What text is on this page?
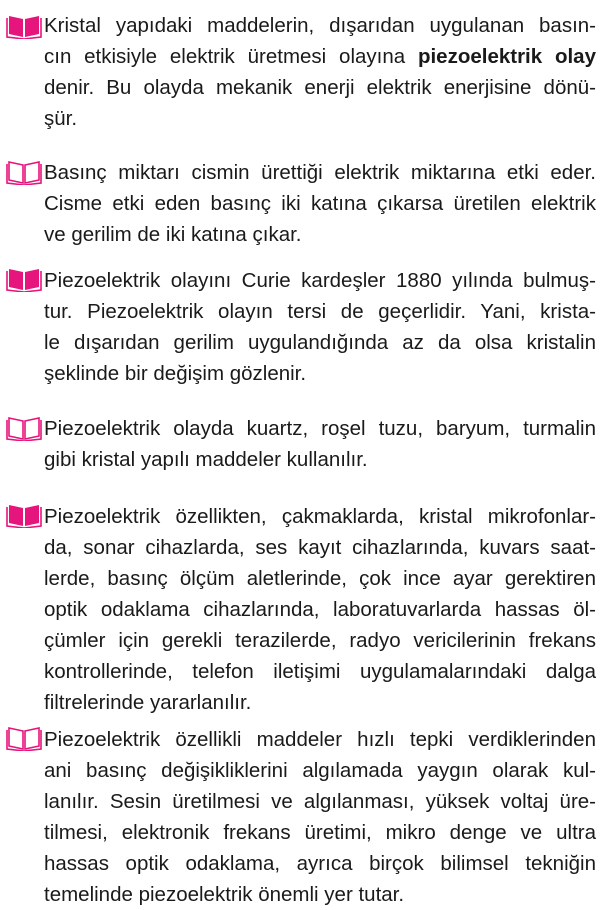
Kristal yapıdaki maddelerin, dışarıdan uygulanan basın-
cın etkisiyle elektrik üretmesi olayına piezoelektrik olay
denir. Bu olayda mekanik enerji elektrik enerjisine dönü-
şür.
Basınç miktarı cismin ürettiği elektrik miktarına etki eder.
Cisme etki eden basınç iki katına çıkarsa üretilen elektrik
ve gerilim de iki katına çıkar.
Piezoelektrik olayını Curie kardeşler 1880 yılında bulmuş-
tur. Piezoelektrik olayın tersi de geçerlidir. Yani, krista-
le dışarıdan gerilim uygulandığında az da olsa kristalin
şeklinde bir değişim gözlenir.
Piezoelektrik olayda kuartz, roşel tuzu, baryum, turmalin
gibi kristal yapılı maddeler kullanılır.
Piezoelektrik özellikten, çakmaklarda, kristal mikrofonlar-
da, sonar cihazlarda, ses kayıt cihazlarında, kuvars saat-
lerde, basınç ölçüm aletlerinde, çok ince ayar gerektiren
optik odaklama cihazlarında, laboratuvarlarda hassas öl-
çümler için gerekli terazilerde, radyo vericilerinin frekans
kontrollerinde, telefon iletişimi uygulamalarındaki dalga
filtrelerinde yararlanılır.
Piezoelektrik özellikli maddeler hızlı tepki verdiklerinden
ani basınç değişikliklerini algılamada yaygın olarak kul-
lanılır. Sesin üretilmesi ve algılanması, yüksek voltaj üre-
tilmesi, elektronik frekans üretimi, mikro denge ve ultra
hassas optik odaklama, ayrıca birçok bilimsel tekniğin
temelinde piezoelektrik önemli yer tutar.
